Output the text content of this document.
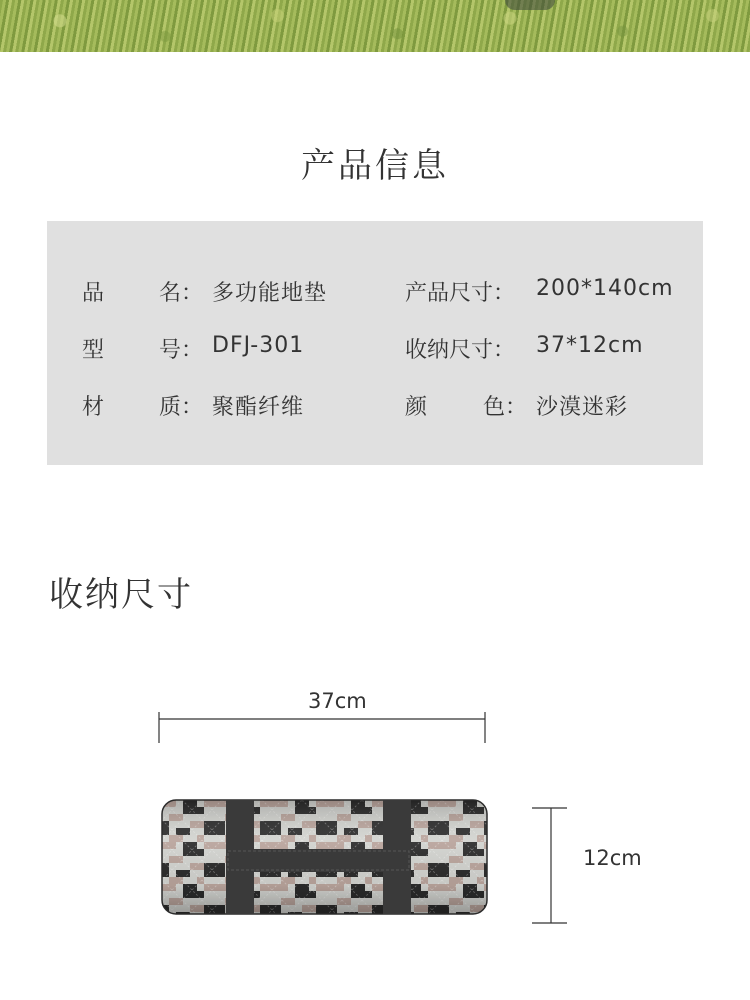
产品信息
品 名： 多功能地垫	产品尺寸： 200*140cm
型 号： DFJ-301	收纳尺寸： 37*12cm
材 质： 聚酯纤维	颜	色： 沙漠迷彩
收纳尺寸
37cm
12cm
